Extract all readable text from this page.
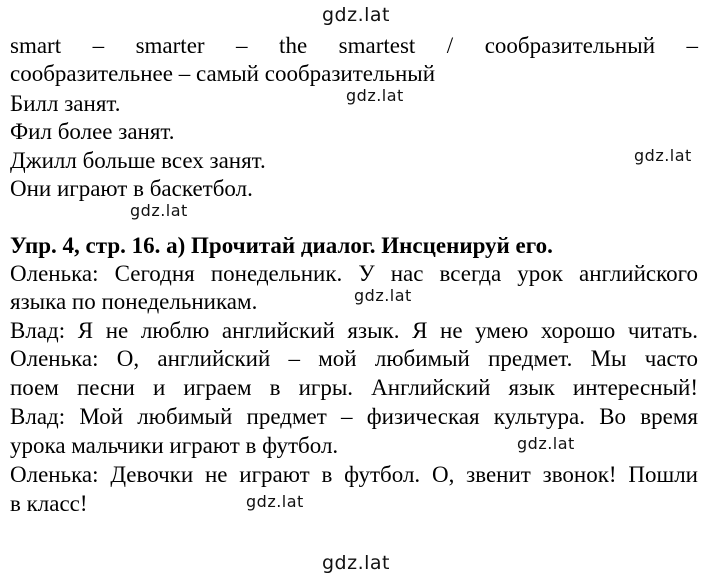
gdz.lat
smart – smarter – the smartest / сообразительный –
сообразительнее – самый сообразительный
gdz.lat
Билл занят.
Фил более занят.
Джилл больше всех занят.	gdz.lat
Они играют в баскетбол.
gdz.lat
Упр. 4, стр. 16. а) Прочитай диалог. Инсценируй его.
Оленька: Сегодня понедельник. У нас всегда урок английского
языка по понедельникам.	gdz.lat
Влад: Я не люблю английский язык. Я не умею хорошо читать.
Оленька: О, английский – мой любимый предмет. Мы часто
поем песни и играем в игры. Английский язык интересный!
Влад: Мой любимый предмет – физическая культура. Во время
урока мальчики играют в футбол.	gdz.lat
Оленька: Девочки не играют в футбол. О, звенит звонок! Пошли
в класс!	gdz.lat
gdz.lat
